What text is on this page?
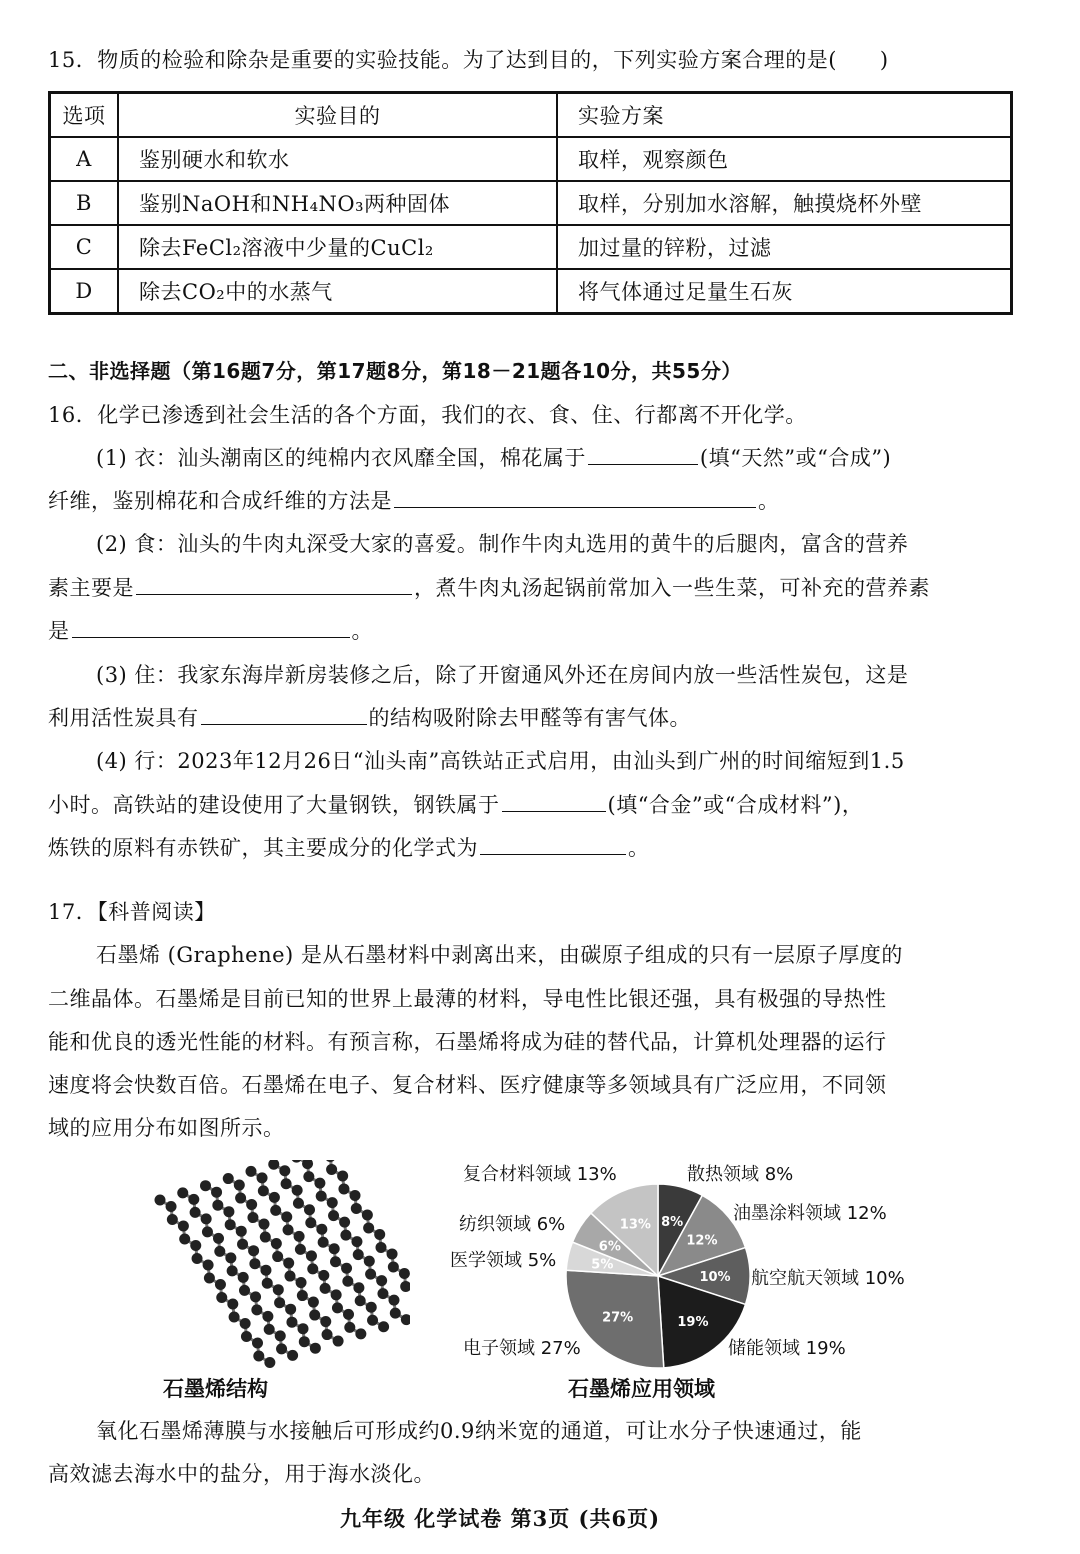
15．物质的检验和除杂是重要的实验技能。为了达到目的，下列实验方案合理的是(　　)
选项	实验目的	实验方案
A	鉴别硬水和软水	取样，观察颜色
B	鉴别NaOH和NH₄NO₃两种固体	取样，分别加水溶解，触摸烧杯外壁
C	除去FeCl₂溶液中少量的CuCl₂	加过量的锌粉，过滤
D	除去CO₂中的水蒸气	将气体通过足量生石灰
二、非选择题（第16题7分，第17题8分，第18－21题各10分，共55分）
16．化学已渗透到社会生活的各个方面，我们的衣、食、住、行都离不开化学。
(1) 衣：汕头潮南区的纯棉内衣风靡全国，棉花属于	(填“天然”或“合成”)
纤维，鉴别棉花和合成纤维的方法是	。
(2) 食：汕头的牛肉丸深受大家的喜爱。制作牛肉丸选用的黄牛的后腿肉，富含的营养
素主要是	，煮牛肉丸汤起锅前常加入一些生菜，可补充的营养素
是	。
(3) 住：我家东海岸新房装修之后，除了开窗通风外还在房间内放一些活性炭包，这是
利用活性炭具有	的结构吸附除去甲醛等有害气体。
(4) 行：2023年12月26日“汕头南”高铁站正式启用，由汕头到广州的时间缩短到1.5
小时。高铁站的建设使用了大量钢铁，钢铁属于	(填“合金”或“合成材料”)，
炼铁的原料有赤铁矿，其主要成分的化学式为	。
17．【科普阅读】
石墨烯 (Graphene) 是从石墨材料中剥离出来，由碳原子组成的只有一层原子厚度的
二维晶体。石墨烯是目前已知的世界上最薄的材料，导电性比银还强，具有极强的导热性
能和优良的透光性能的材料。有预言称，石墨烯将成为硅的替代品，计算机处理器的运行
速度将会快数百倍。石墨烯在电子、复合材料、医疗健康等多领域具有广泛应用，不同领
域的应用分布如图所示。
石墨烯结构
8%
12%
10%
19%
27%
5%
6%
13%
复合材料领域 13%	散热领域 8%
油墨涂料领域 12%
纺织领域 6%
医学领域 5%
航空航天领域 10%
电子领域 27%	储能领域 19%
石墨烯应用领域
氧化石墨烯薄膜与水接触后可形成约0.9纳米宽的通道，可让水分子快速通过，能
高效滤去海水中的盐分，用于海水淡化。
九年级 化学试卷 第3页 (共6页)
